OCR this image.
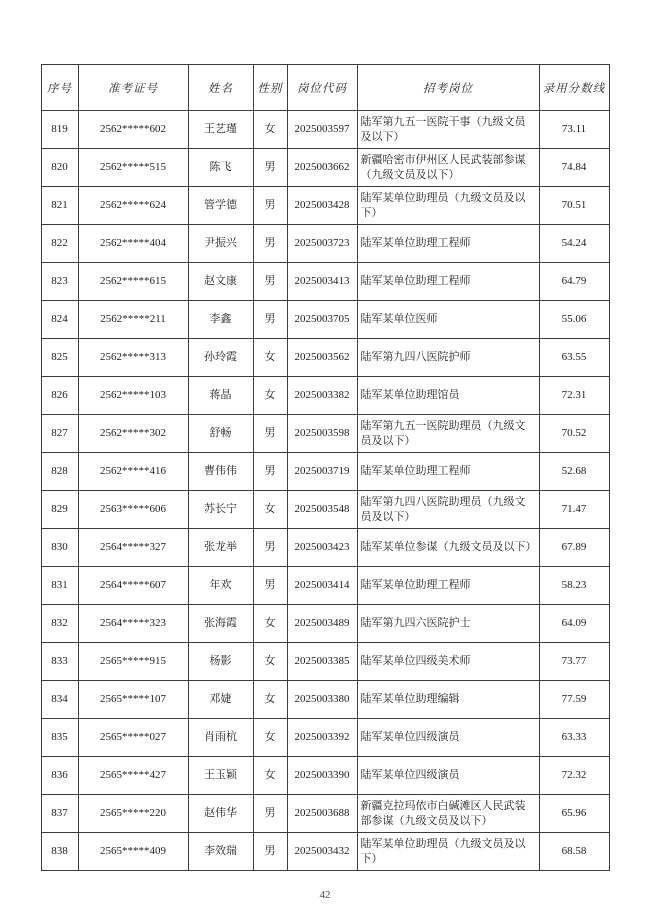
序号	准考证号	姓名	性别	岗位代码	招考岗位	录用分数线
819	2562*****602	王艺瑾	女	2025003597	陆军第九五一医院干事（九级文员及以下）	73.11
820	2562*****515	陈飞	男	2025003662	新疆哈密市伊州区人民武装部参谋（九级文员及以下）	74.84
821	2562*****624	管学德	男	2025003428	陆军某单位助理员（九级文员及以下）	70.51
822	2562*****404	尹振兴	男	2025003723	陆军某单位助理工程师	54.24
823	2562*****615	赵文康	男	2025003413	陆军某单位助理工程师	64.79
824	2562*****211	李鑫	男	2025003705	陆军某单位医师	55.06
825	2562*****313	孙玲霞	女	2025003562	陆军第九四八医院护师	63.55
826	2562*****103	蒋晶	女	2025003382	陆军某单位助理馆员	72.31
827	2562*****302	舒畅	男	2025003598	陆军第九五一医院助理员（九级文员及以下）	70.52
828	2562*****416	曹伟伟	男	2025003719	陆军某单位助理工程师	52.68
829	2563*****606	苏长宁	女	2025003548	陆军第九四八医院助理员（九级文员及以下）	71.47
830	2564*****327	张龙举	男	2025003423	陆军某单位参谋（九级文员及以下）	67.89
831	2564*****607	年欢	男	2025003414	陆军某单位助理工程师	58.23
832	2564*****323	张海霞	女	2025003489	陆军第九四六医院护士	64.09
833	2565*****915	杨影	女	2025003385	陆军某单位四级美术师	73.77
834	2565*****107	邓婕	女	2025003380	陆军某单位助理编辑	77.59
835	2565*****027	肖雨杭	女	2025003392	陆军某单位四级演员	63.33
836	2565*****427	王玉颖	女	2025003390	陆军某单位四级演员	72.32
837	2565*****220	赵伟华	男	2025003688	新疆克拉玛依市白碱滩区人民武装部参谋（九级文员及以下）	65.96
838	2565*****409	李效瑞	男	2025003432	陆军某单位助理员（九级文员及以下）	68.58
42
